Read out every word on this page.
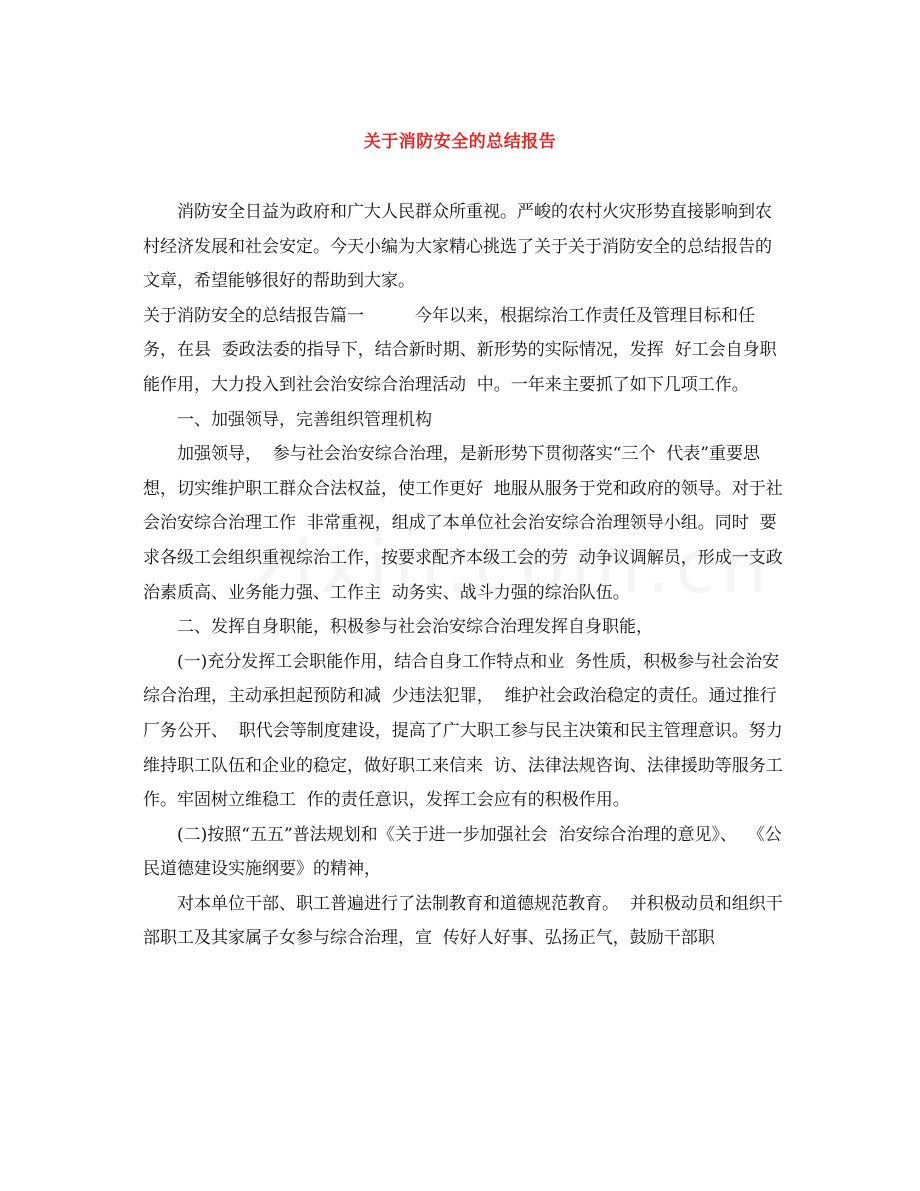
关于消防安全的总结报告

消防安全日益为政府和广大人民群众所重视。严峻的农村火灾形势直接影响到农村经济发展和社会安定。今天小编为大家精心挑选了关于关于消防安全的总结报告的文章，希望能够很好的帮助到大家。

关于消防安全的总结报告篇一　　　今年以来，根据综治工作责任及管理目标和任务，在县  委政法委的指导下，结合新时期、新形势的实际情况，发挥  好工会自身职能作用，大力投入到社会治安综合治理活动  中。一年来主要抓了如下几项工作。

一、加强领导，完善组织管理机构

加强领导，  参与社会治安综合治理，是新形势下贯彻落实“三个  代表”重要思想，切实维护职工群众合法权益，使工作更好  地服从服务于党和政府的领导。对于社会治安综合治理工作  非常重视，组成了本单位社会治安综合治理领导小组。同时  要求各级工会组织重视综治工作，按要求配齐本级工会的劳  动争议调解员，形成一支政治素质高、业务能力强、工作主  动务实、战斗力强的综治队伍。

二、发挥自身职能，积极参与社会治安综合治理发挥自身职能，

(一)充分发挥工会职能作用，结合自身工作特点和业  务性质，积极参与社会治安综合治理，主动承担起预防和减  少违法犯罪，  维护社会政治稳定的责任。通过推行厂务公开、  职代会等制度建设，提高了广大职工参与民主决策和民主管理意识。努力维持职工队伍和企业的稳定，做好职工来信来  访、法律法规咨询、法律援助等服务工作。牢固树立维稳工  作的责任意识，发挥工会应有的积极作用。

(二)按照“五五”普法规划和《关于进一步加强社会  治安综合治理的意见》、  《公民道德建设实施纲要》的精神，

对本单位干部、职工普遍进行了法制教育和道德规范教育。  并积极动员和组织干部职工及其家属子女参与综合治理，宣  传好人好事、弘扬正气，鼓励干部职
